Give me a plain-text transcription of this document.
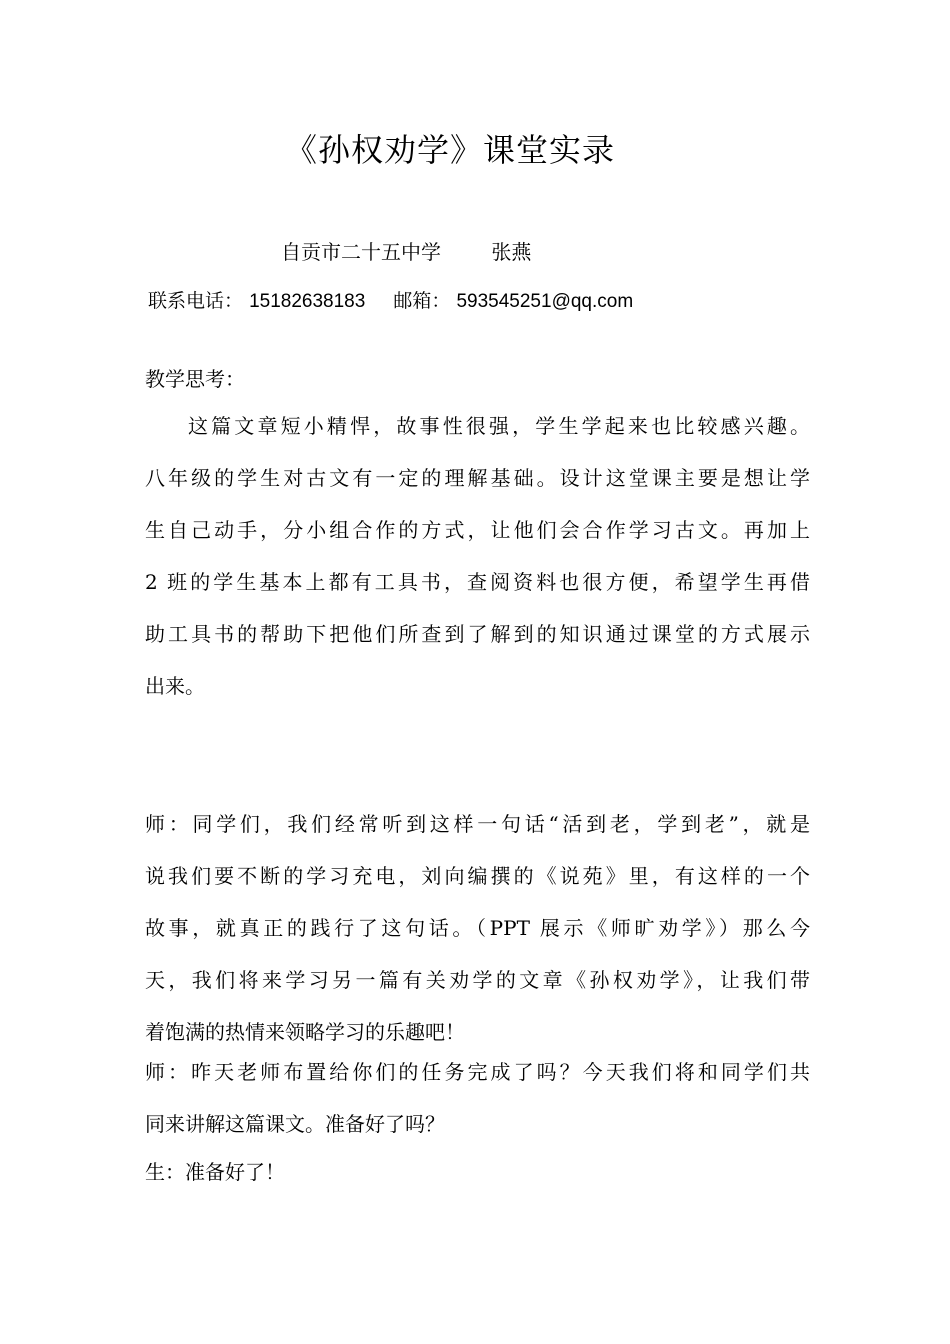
《孙权劝学》课堂实录
自贡市二十五中学	张燕
联系电话： 15182638183 邮箱： 593545251@qq.com
教学思考：
这篇文章短小精悍，故事性很强，学生学起来也比较感兴趣。
八年级的学生对古文有一定的理解基础。设计这堂课主要是想让学
生自己动手，分小组合作的方式，让他们会合作学习古文。再加上
2 班的学生基本上都有工具书，查阅资料也很方便，希望学生再借
助工具书的帮助下把他们所查到了解到的知识通过课堂的方式展示
出来。
师：同学们，我们经常听到这样一句话“活到老，学到老”，就是
说我们要不断的学习充电，刘向编撰的《说苑》里，有这样的一个
故事，就真正的践行了这句话。（PPT 展示《师旷劝学》）那么今
天，我们将来学习另一篇有关劝学的文章《孙权劝学》，让我们带
着饱满的热情来领略学习的乐趣吧！
师：昨天老师布置给你们的任务完成了吗？今天我们将和同学们共
同来讲解这篇课文。准备好了吗？
生：准备好了！
